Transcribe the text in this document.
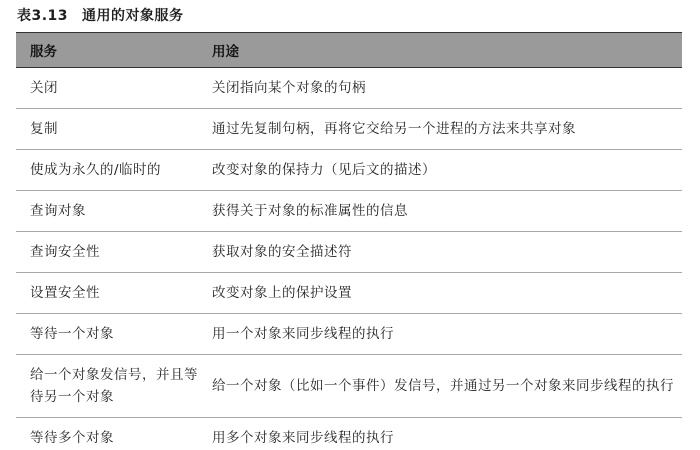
表3.13 通用的对象服务
服务	用途
关闭	关闭指向某个对象的句柄
复制	通过先复制句柄，再将它交给另一个进程的方法来共享对象
使成为永久的/临时的	改变对象的保持力（见后文的描述）
查询对象	获得关于对象的标准属性的信息
查询安全性	获取对象的安全描述符
设置安全性	改变对象上的保护设置
等待一个对象	用一个对象来同步线程的执行
给一个对象发信号，并且等待另一个对象	给一个对象（比如一个事件）发信号，并通过另一个对象来同步线程的执行
等待多个对象	用多个对象来同步线程的执行
